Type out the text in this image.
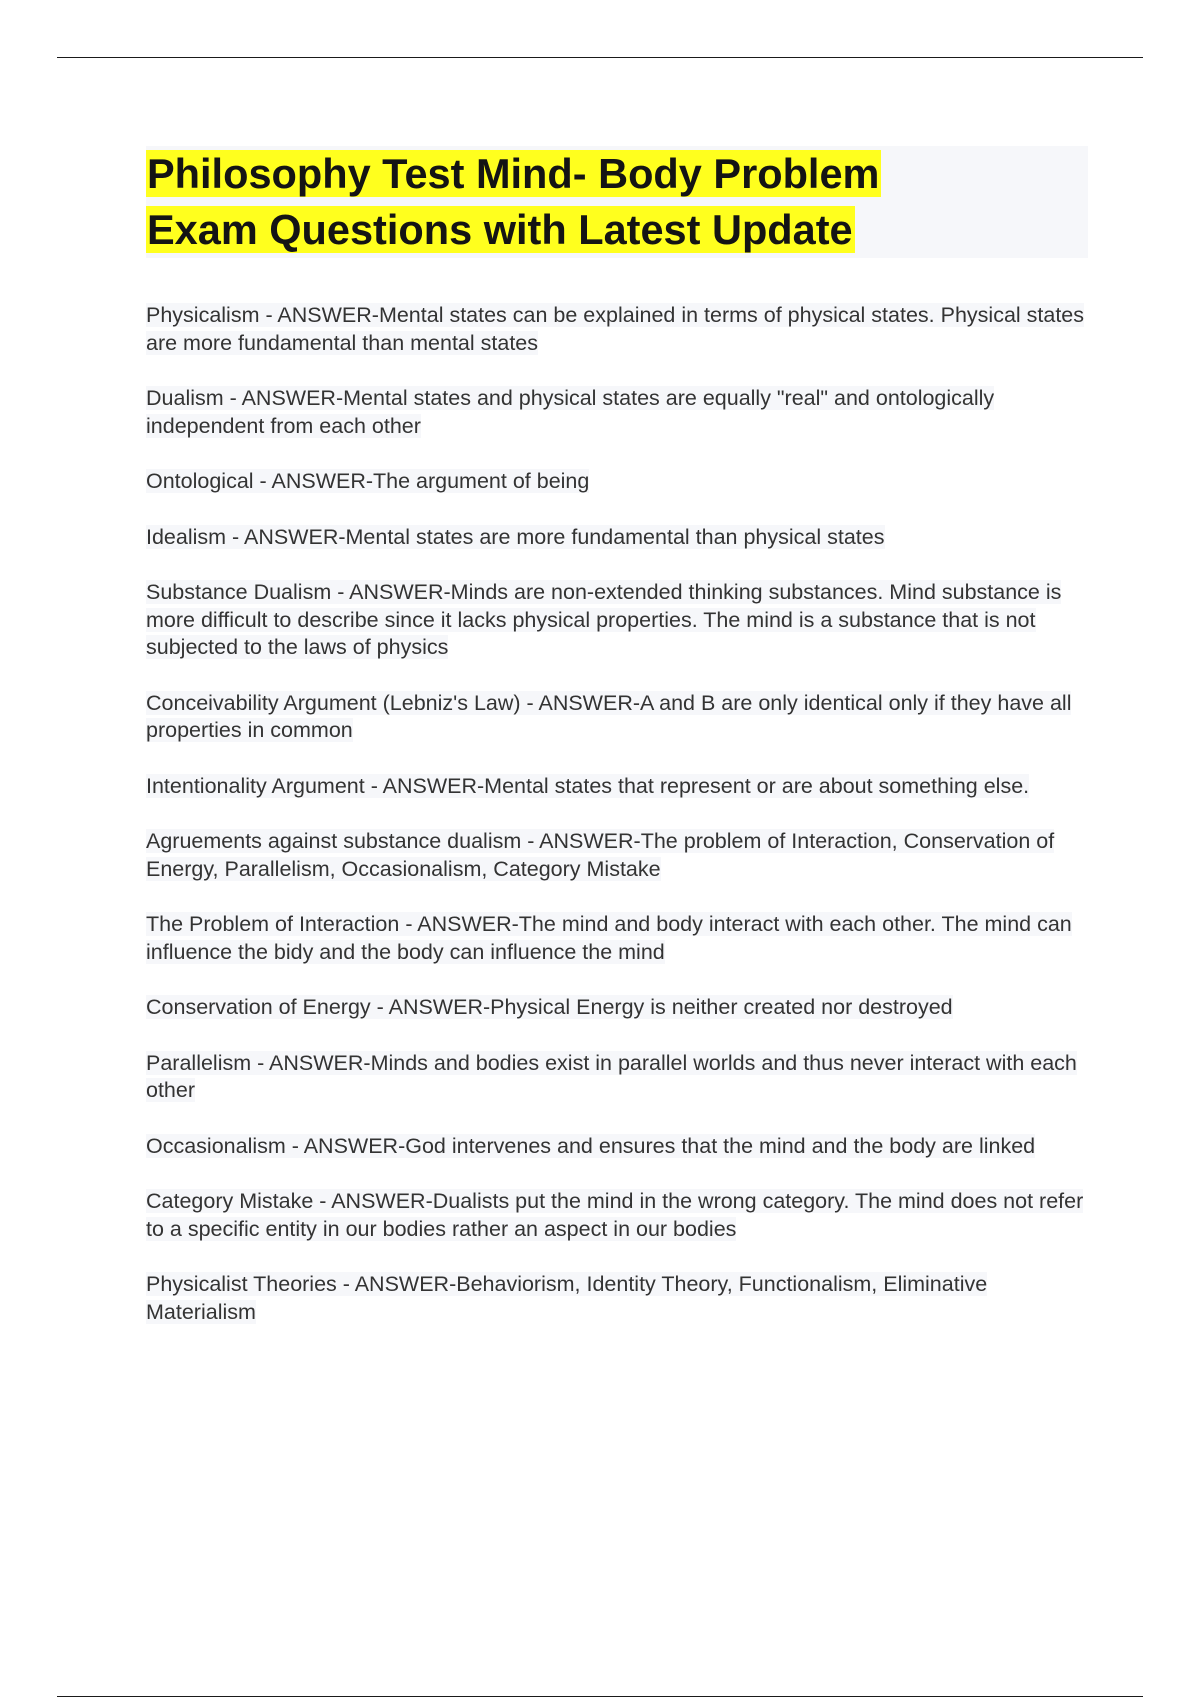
Philosophy Test Mind- Body Problem
Exam Questions with Latest Update
Physicalism - ANSWER-Mental states can be explained in terms of physical states. Physical states are more fundamental than mental states
Dualism - ANSWER-Mental states and physical states are equally "real" and ontologically independent from each other
Ontological - ANSWER-The argument of being
Idealism - ANSWER-Mental states are more fundamental than physical states
Substance Dualism - ANSWER-Minds are non-extended thinking substances. Mind substance is more difficult to describe since it lacks physical properties. The mind is a substance that is not subjected to the laws of physics
Conceivability Argument (Lebniz's Law) - ANSWER-A and B are only identical only if they have all properties in common
Intentionality Argument - ANSWER-Mental states that represent or are about something else.
Agruements against substance dualism - ANSWER-The problem of Interaction, Conservation of Energy, Parallelism, Occasionalism, Category Mistake
The Problem of Interaction - ANSWER-The mind and body interact with each other. The mind can influence the bidy and the body can influence the mind
Conservation of Energy - ANSWER-Physical Energy is neither created nor destroyed
Parallelism - ANSWER-Minds and bodies exist in parallel worlds and thus never interact with each other
Occasionalism - ANSWER-God intervenes and ensures that the mind and the body are linked
Category Mistake - ANSWER-Dualists put the mind in the wrong category. The mind does not refer to a specific entity in our bodies rather an aspect in our bodies
Physicalist Theories - ANSWER-Behaviorism, Identity Theory, Functionalism, Eliminative Materialism
